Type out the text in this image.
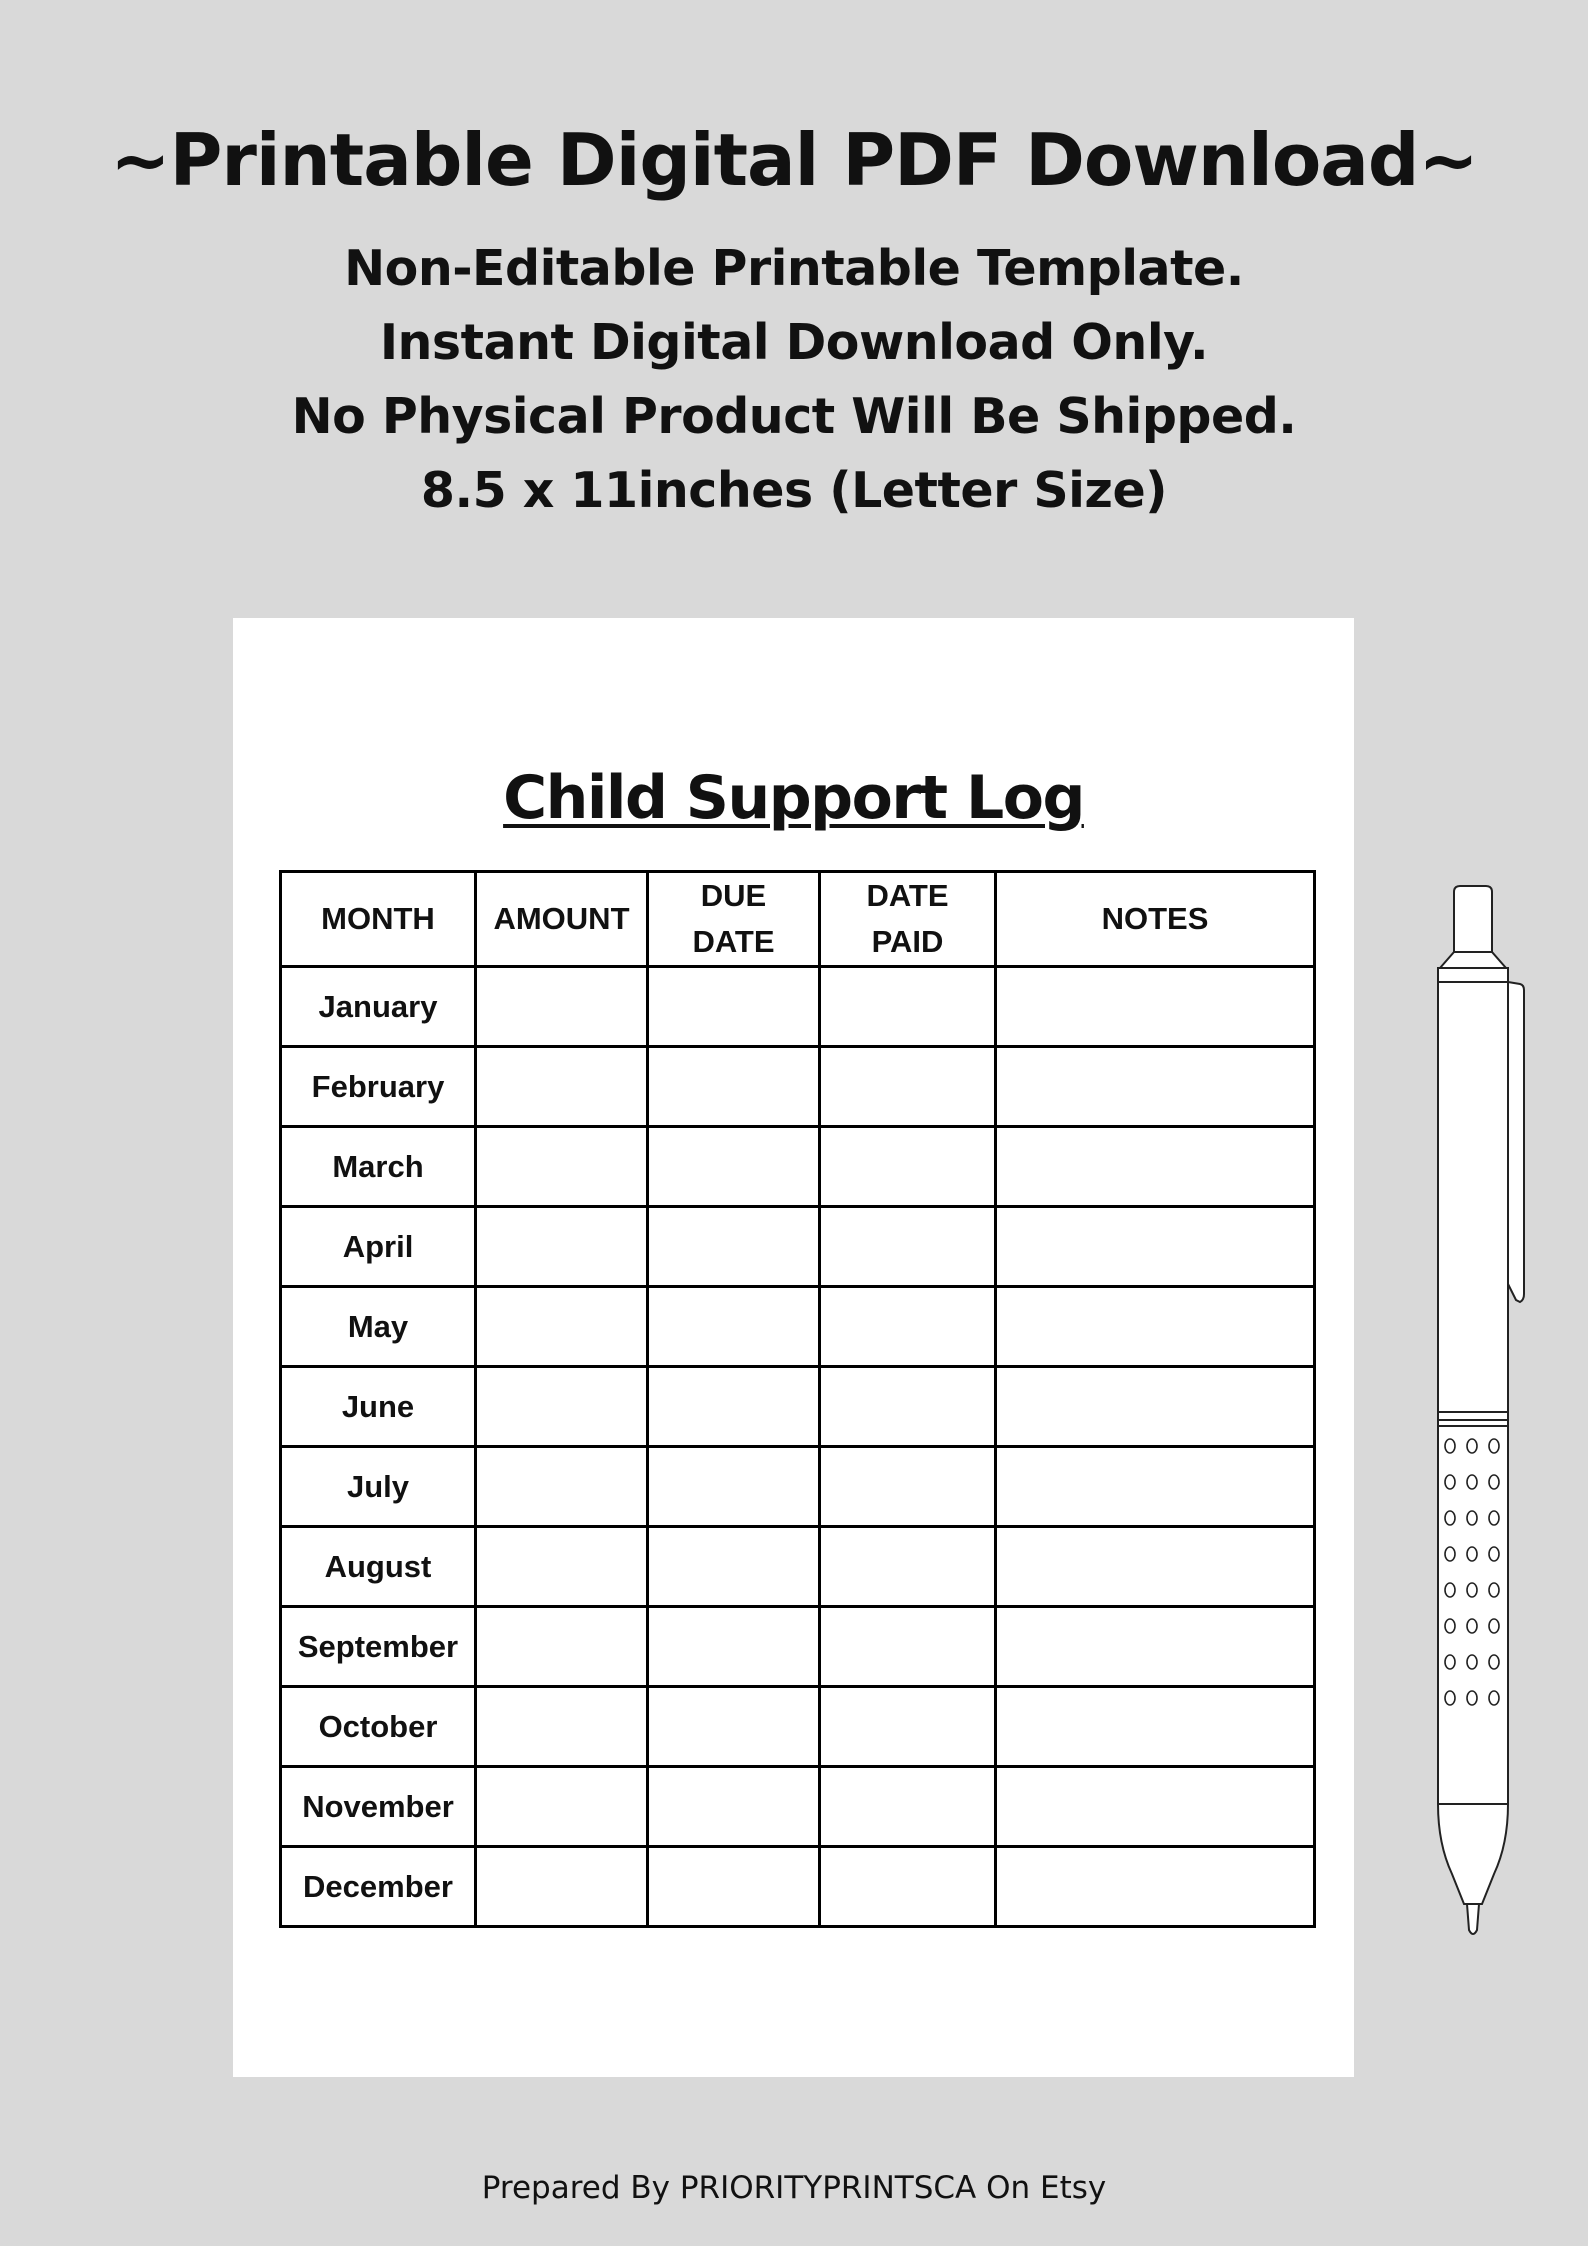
~Printable Digital PDF Download~
Non-Editable Printable Template.
Instant Digital Download Only.
No Physical Product Will Be Shipped.
8.5 x 11inches (Letter Size)
Child Support Log
MONTH	AMOUNT	DUE DATE	DATE PAID	NOTES
January				
February				
March				
April				
May				
June				
July				
August				
September				
October				
November				
December				
Prepared By PRIORITYPRINTSCA On Etsy
